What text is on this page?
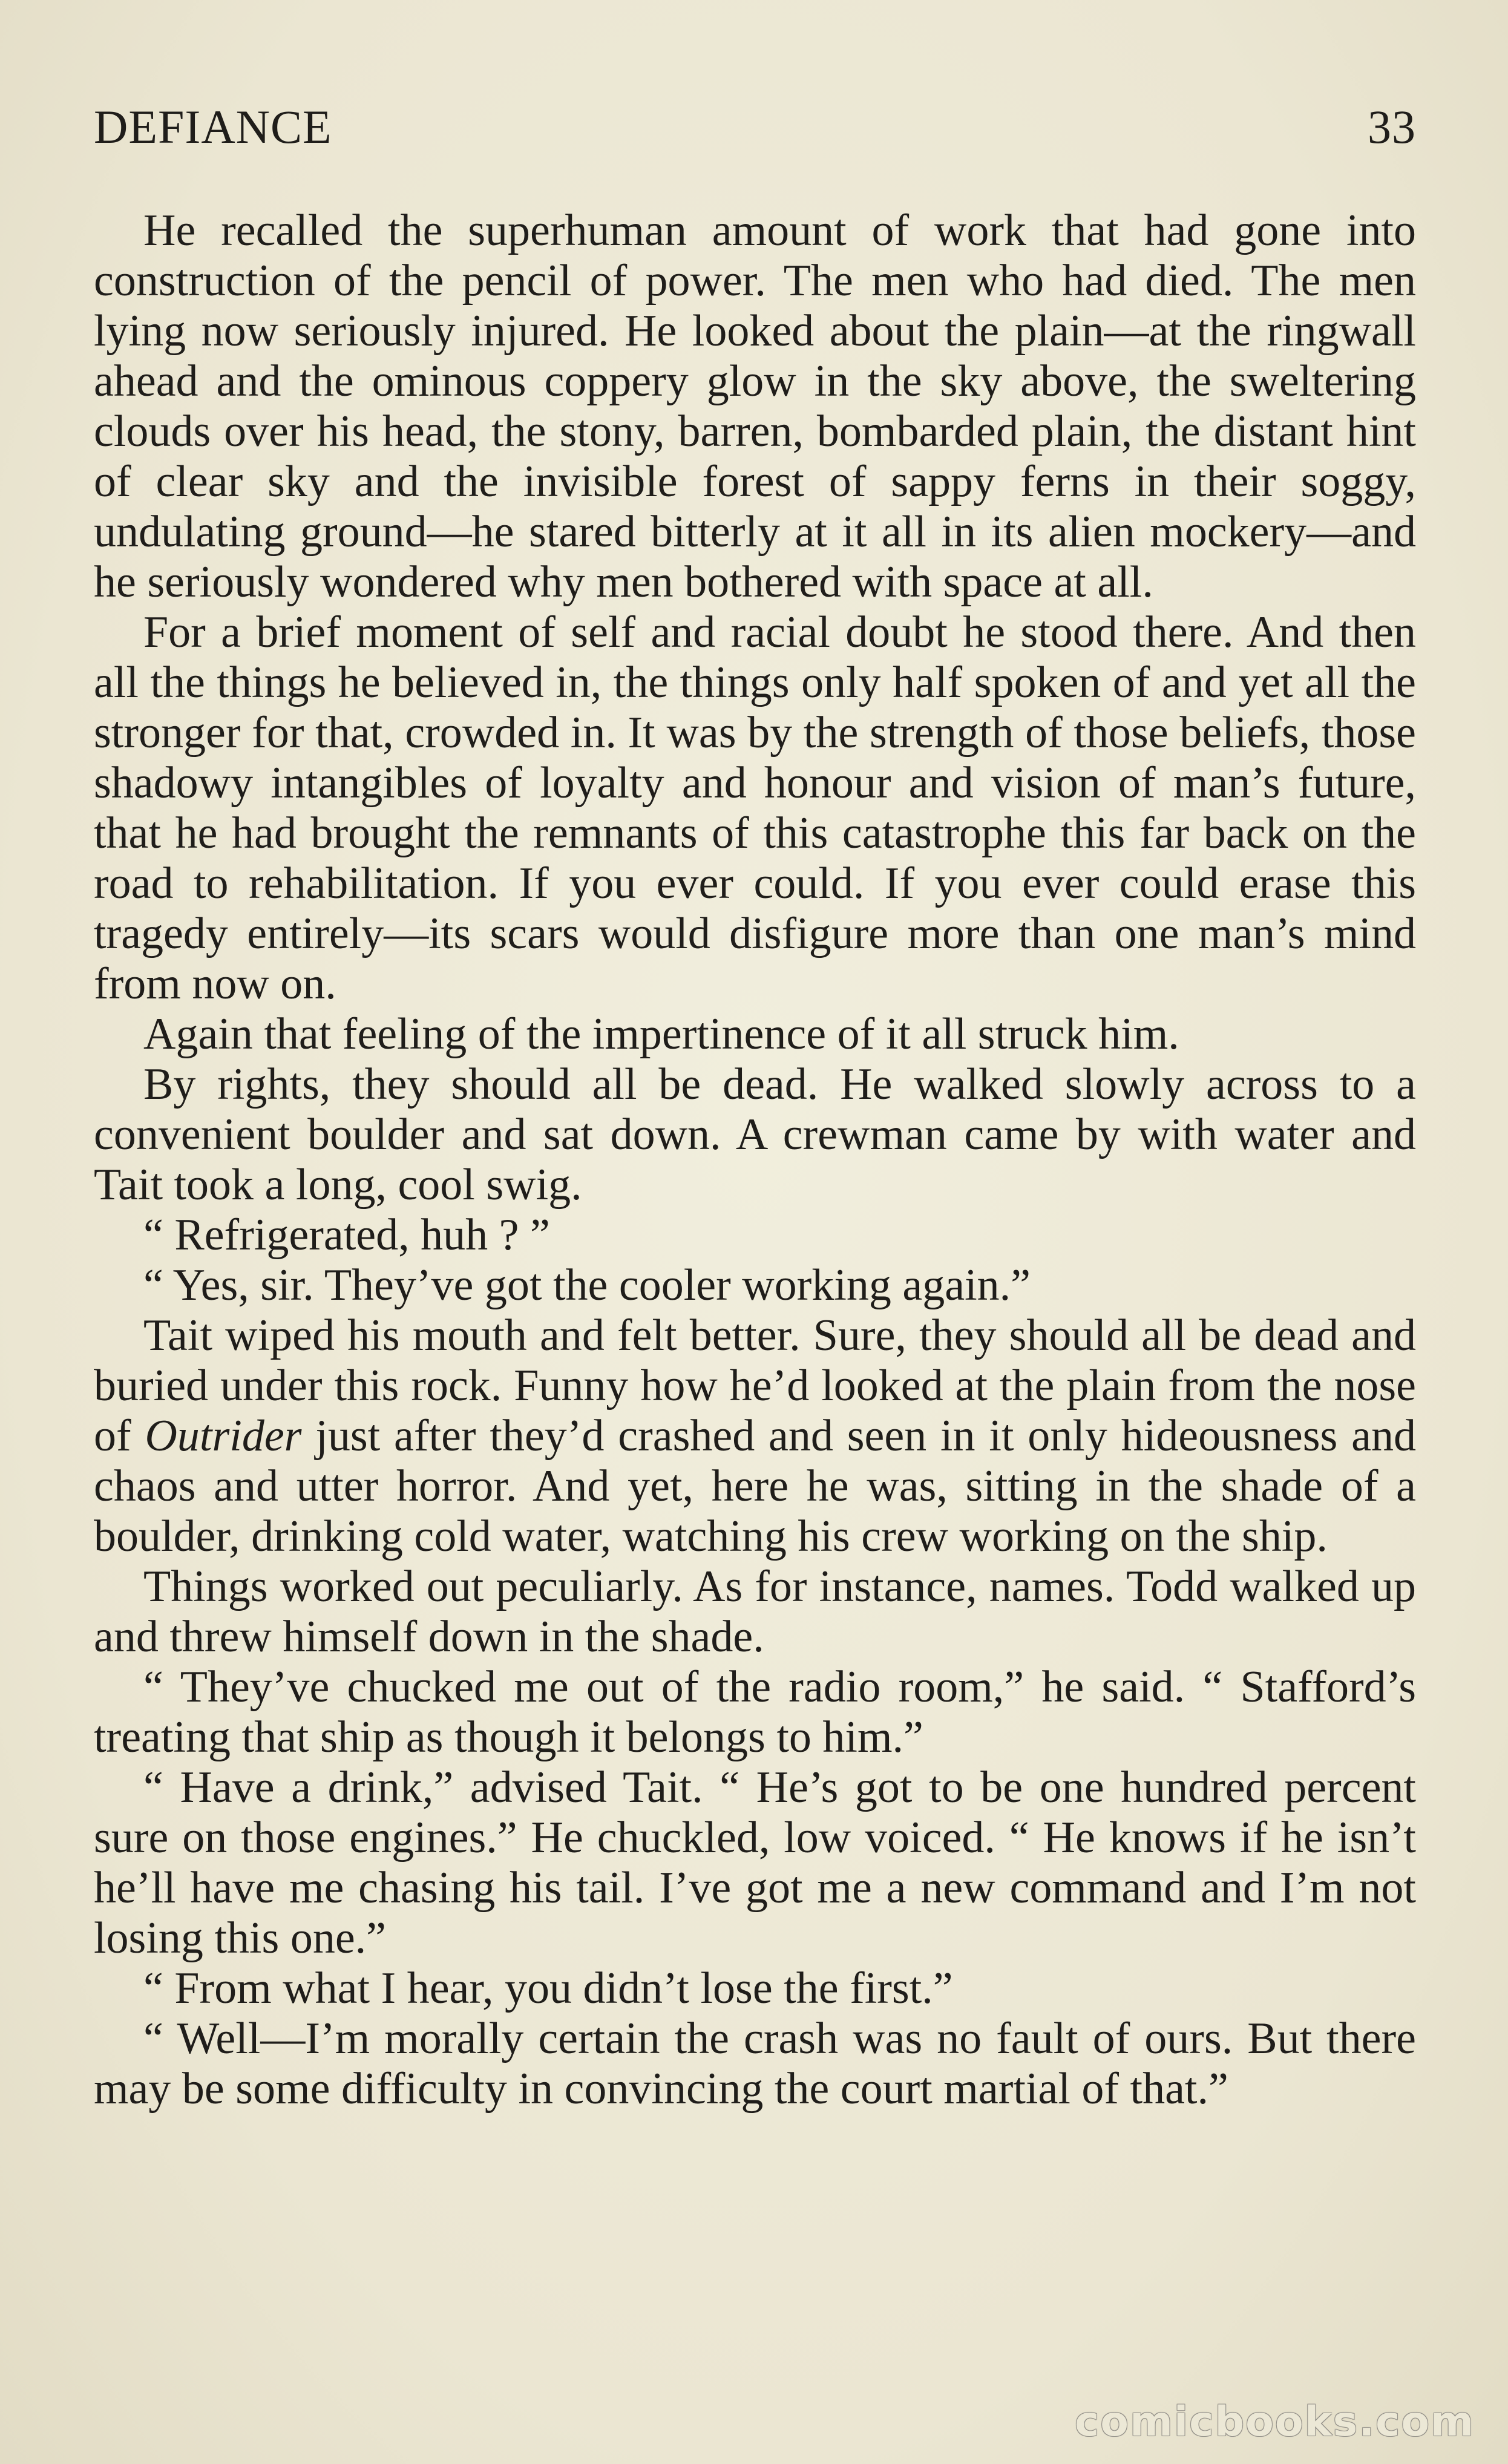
DEFIANCE	33

He recalled the superhuman amount of work that had gone into construction of the pencil of power. The men who had died. The men lying now seriously injured. He looked about the plain—at the ringwall ahead and the ominous coppery glow in the sky above, the sweltering clouds over his head, the stony, barren, bombarded plain, the distant hint of clear sky and the invisible forest of sappy ferns in their soggy, undulating ground—he stared bitterly at it all in its alien mockery—and he seriously wondered why men bothered with space at all.

For a brief moment of self and racial doubt he stood there. And then all the things he believed in, the things only half spoken of and yet all the stronger for that, crowded in. It was by the strength of those beliefs, those shadowy intangibles of loyalty and honour and vision of man’s future, that he had brought the remnants of this catastrophe this far back on the road to rehabilitation. If you ever could. If you ever could erase this tragedy entirely—its scars would disfigure more than one man’s mind from now on.

Again that feeling of the impertinence of it all struck him.

By rights, they should all be dead. He walked slowly across to a convenient boulder and sat down. A crewman came by with water and Tait took a long, cool swig.

“ Refrigerated, huh ? ”

“ Yes, sir. They’ve got the cooler working again.”

Tait wiped his mouth and felt better. Sure, they should all be dead and buried under this rock. Funny how he’d looked at the plain from the nose of Outrider just after they’d crashed and seen in it only hideousness and chaos and utter horror. And yet, here he was, sitting in the shade of a boulder, drinking cold water, watching his crew working on the ship.

Things worked out peculiarly. As for instance, names. Todd walked up and threw himself down in the shade.

“ They’ve chucked me out of the radio room,” he said. “ Stafford’s treating that ship as though it belongs to him.”

“ Have a drink,” advised Tait. “ He’s got to be one hundred percent sure on those engines.” He chuckled, low voiced. “ He knows if he isn’t he’ll have me chasing his tail. I’ve got me a new command and I’m not losing this one.”

“ From what I hear, you didn’t lose the first.”

“ Well—I’m morally certain the crash was no fault of ours. But there may be some difficulty in convincing the court martial of that.”

comicbooks.com
